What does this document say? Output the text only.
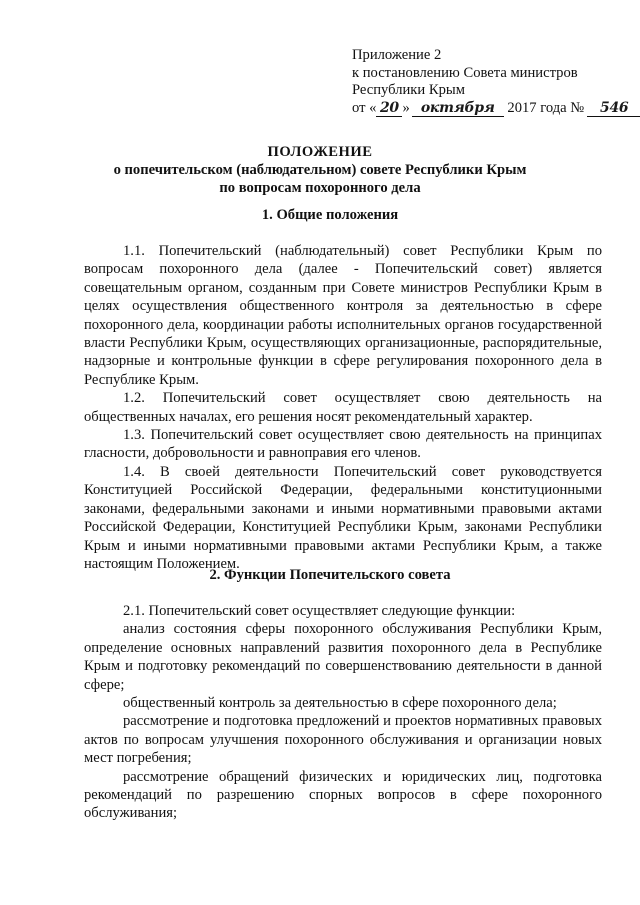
Приложение 2
к постановлению Совета министров
Республики Крым
от « 20 » октября 2017 года № 546
ПОЛОЖЕНИЕ
о попечительском (наблюдательном) совете Республики Крым
по вопросам похоронного дела
1. Общие положения

1.1. Попечительский (наблюдательный) совет Республики Крым по вопросам похоронного дела (далее - Попечительский совет) является совещательным органом, созданным при Совете министров Республики Крым в целях осуществления общественного контроля за деятельностью в сфере похоронного дела, координации работы исполнительных органов государственной власти Республики Крым, осуществляющих организационные, распорядительные, надзорные и контрольные функции в сфере регулирования похоронного дела в Республике Крым.

1.2. Попечительский совет осуществляет свою деятельность на общественных началах, его решения носят рекомендательный характер.

1.3. Попечительский совет осуществляет свою деятельность на принципах гласности, добровольности и равноправия его членов.

1.4. В своей деятельности Попечительский совет руководствуется Конституцией Российской Федерации, федеральными конституционными законами, федеральными законами и иными нормативными правовыми актами Российской Федерации, Конституцией Республики Крым, законами Республики Крым и иными нормативными правовыми актами Республики Крым, а также настоящим Положением.

2. Функции Попечительского совета

2.1. Попечительский совет осуществляет следующие функции:

анализ состояния сферы похоронного обслуживания Республики Крым, определение основных направлений развития похоронного дела в Республике Крым и подготовку рекомендаций по совершенствованию деятельности в данной сфере;

общественный контроль за деятельностью в сфере похоронного дела;

рассмотрение и подготовка предложений и проектов нормативных правовых актов по вопросам улучшения похоронного обслуживания и организации новых мест погребения;

рассмотрение обращений физических и юридических лиц, подготовка рекомендаций по разрешению спорных вопросов в сфере похоронного обслуживания;
